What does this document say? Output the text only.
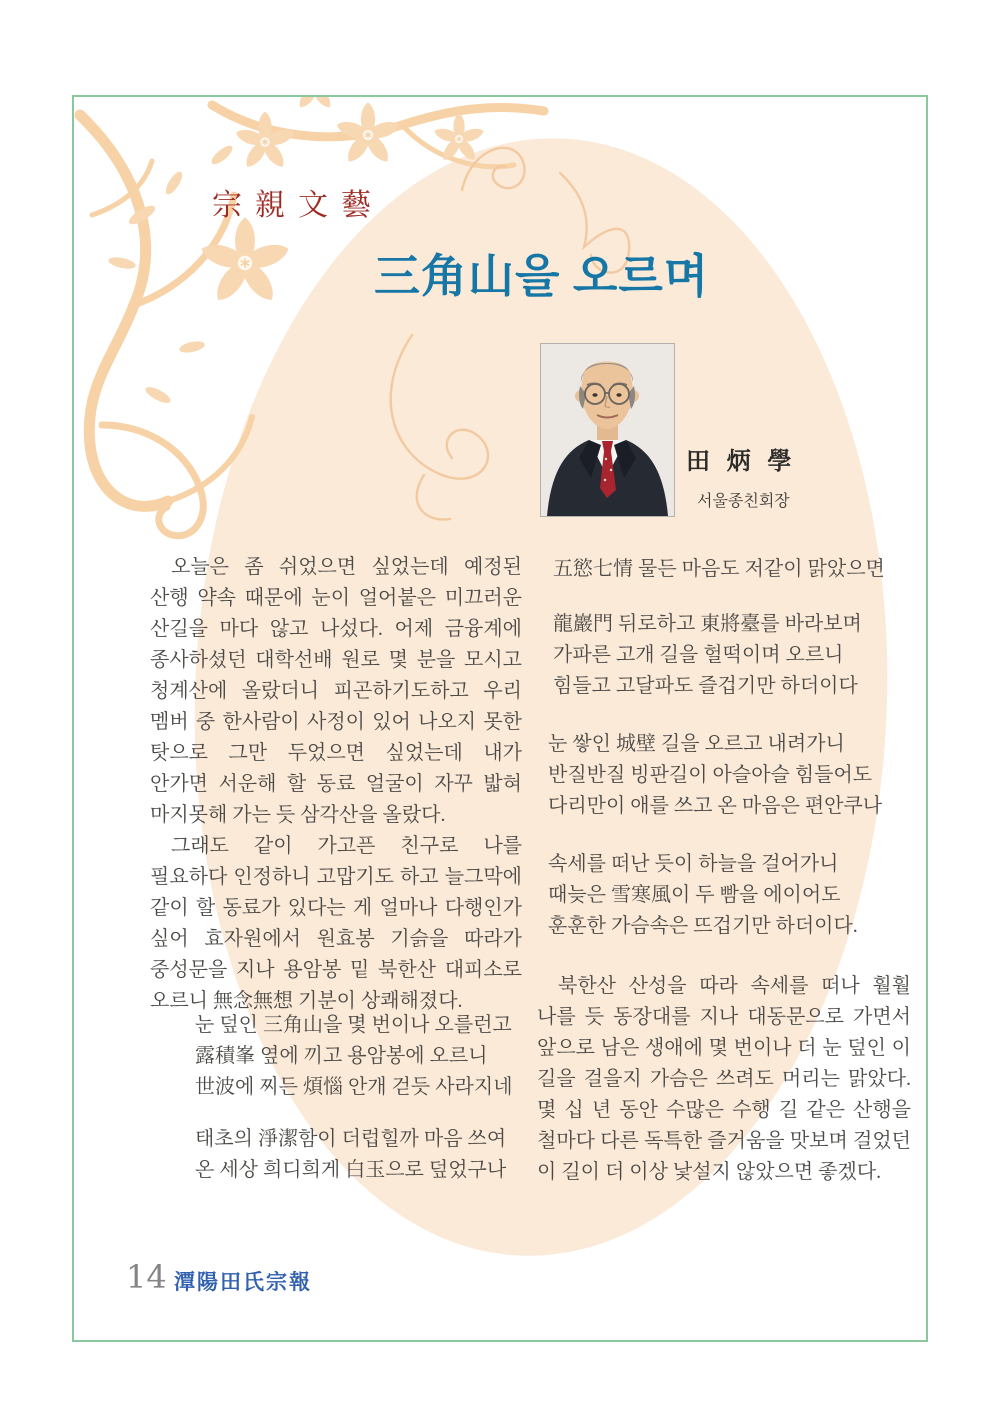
宗親文藝
三角山을 오르며
田 炳 學
서울종친회장

오늘은 좀 쉬었으면 싶었는데 예정된 산행 약속 때문에 눈이 얼어붙은 미끄러운 산길을 마다 않고 나섰다. 어제 금융계에 종사하셨던 대학선배 원로 몇 분을 모시고 청계산에 올랐더니 피곤하기도하고 우리 멤버 중 한사람이 사정이 있어 나오지 못한 탓으로 그만 두었으면 싶었는데 내가 안가면 서운해 할 동료 얼굴이 자꾸 밟혀 마지못해 가는 듯 삼각산을 올랐다.

그래도 같이 가고픈 친구로 나를 필요하다 인정하니 고맙기도 하고 늘그막에 같이 할 동료가 있다는 게 얼마나 다행인가 싶어 효자원에서 원효봉 기슭을 따라가 중성문을 지나 용암봉 밑 북한산 대피소로 오르니 無念無想 기분이 상쾌해졌다.

눈 덮인 三角山을 몇 번이나 오를런고
露積峯 옆에 끼고 용암봉에 오르니
世波에 찌든 煩惱 안개 걷듯 사라지네
태초의 淨潔함이 더럽힐까 마음 쓰여
온 세상 희디희게 白玉으로 덮었구나
五慾七情 물든 마음도 저같이 맑았으면
龍巖門 뒤로하고 東將臺를 바라보며
가파른 고개 길을 헐떡이며 오르니
힘들고 고달파도 즐겁기만 하더이다
눈 쌓인 城壁 길을 오르고 내려가니
반질반질 빙판길이 아슬아슬 힘들어도
다리만이 애를 쓰고 온 마음은 편안쿠나
속세를 떠난 듯이 하늘을 걸어가니
때늦은 雪寒風이 두 빰을 에이어도
훈훈한 가슴속은 뜨겁기만 하더이다.

북한산 산성을 따라 속세를 떠나 훨훨 나를 듯 동장대를 지나 대동문으로 가면서 앞으로 남은 생애에 몇 번이나 더 눈 덮인 이 길을 걸을지 가슴은 쓰려도 머리는 맑았다. 몇 십 년 동안 수많은 수행 길 같은 산행을 철마다 다른 독특한 즐거움을 맛보며 걸었던 이 길이 더 이상 낯설지 않았으면 좋겠다.

14 潭陽田氏宗報
